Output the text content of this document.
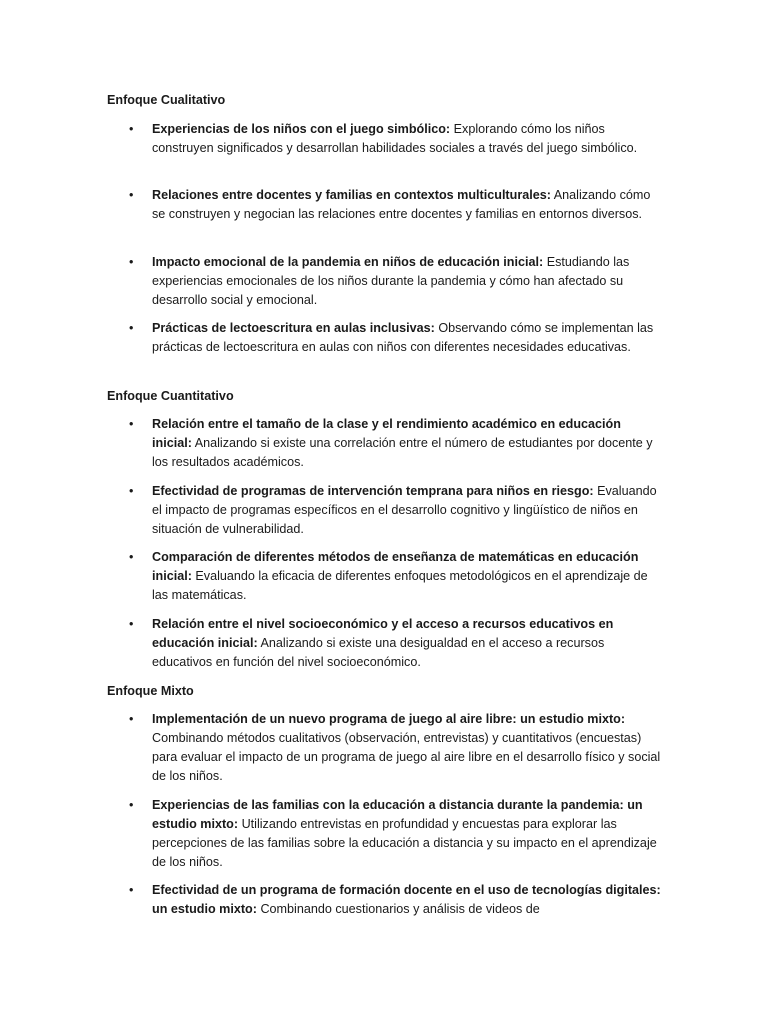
Enfoque Cualitativo

• Experiencias de los niños con el juego simbólico: Explorando cómo los niños construyen significados y desarrollan habilidades sociales a través del juego simbólico.
• Relaciones entre docentes y familias en contextos multiculturales: Analizando cómo se construyen y negocian las relaciones entre docentes y familias en entornos diversos.
• Impacto emocional de la pandemia en niños de educación inicial: Estudiando las experiencias emocionales de los niños durante la pandemia y cómo han afectado su desarrollo social y emocional.
• Prácticas de lectoescritura en aulas inclusivas: Observando cómo se implementan las prácticas de lectoescritura en aulas con niños con diferentes necesidades educativas.

Enfoque Cuantitativo

• Relación entre el tamaño de la clase y el rendimiento académico en educación inicial: Analizando si existe una correlación entre el número de estudiantes por docente y los resultados académicos.
• Efectividad de programas de intervención temprana para niños en riesgo: Evaluando el impacto de programas específicos en el desarrollo cognitivo y lingüístico de niños en situación de vulnerabilidad.
• Comparación de diferentes métodos de enseñanza de matemáticas en educación inicial: Evaluando la eficacia de diferentes enfoques metodológicos en el aprendizaje de las matemáticas.
• Relación entre el nivel socioeconómico y el acceso a recursos educativos en educación inicial: Analizando si existe una desigualdad en el acceso a recursos educativos en función del nivel socioeconómico.

Enfoque Mixto

• Implementación de un nuevo programa de juego al aire libre: un estudio mixto: Combinando métodos cualitativos (observación, entrevistas) y cuantitativos (encuestas) para evaluar el impacto de un programa de juego al aire libre en el desarrollo físico y social de los niños.
• Experiencias de las familias con la educación a distancia durante la pandemia: un estudio mixto: Utilizando entrevistas en profundidad y encuestas para explorar las percepciones de las familias sobre la educación a distancia y su impacto en el aprendizaje de los niños.
• Efectividad de un programa de formación docente en el uso de tecnologías digitales: un estudio mixto: Combinando cuestionarios y análisis de videos de
